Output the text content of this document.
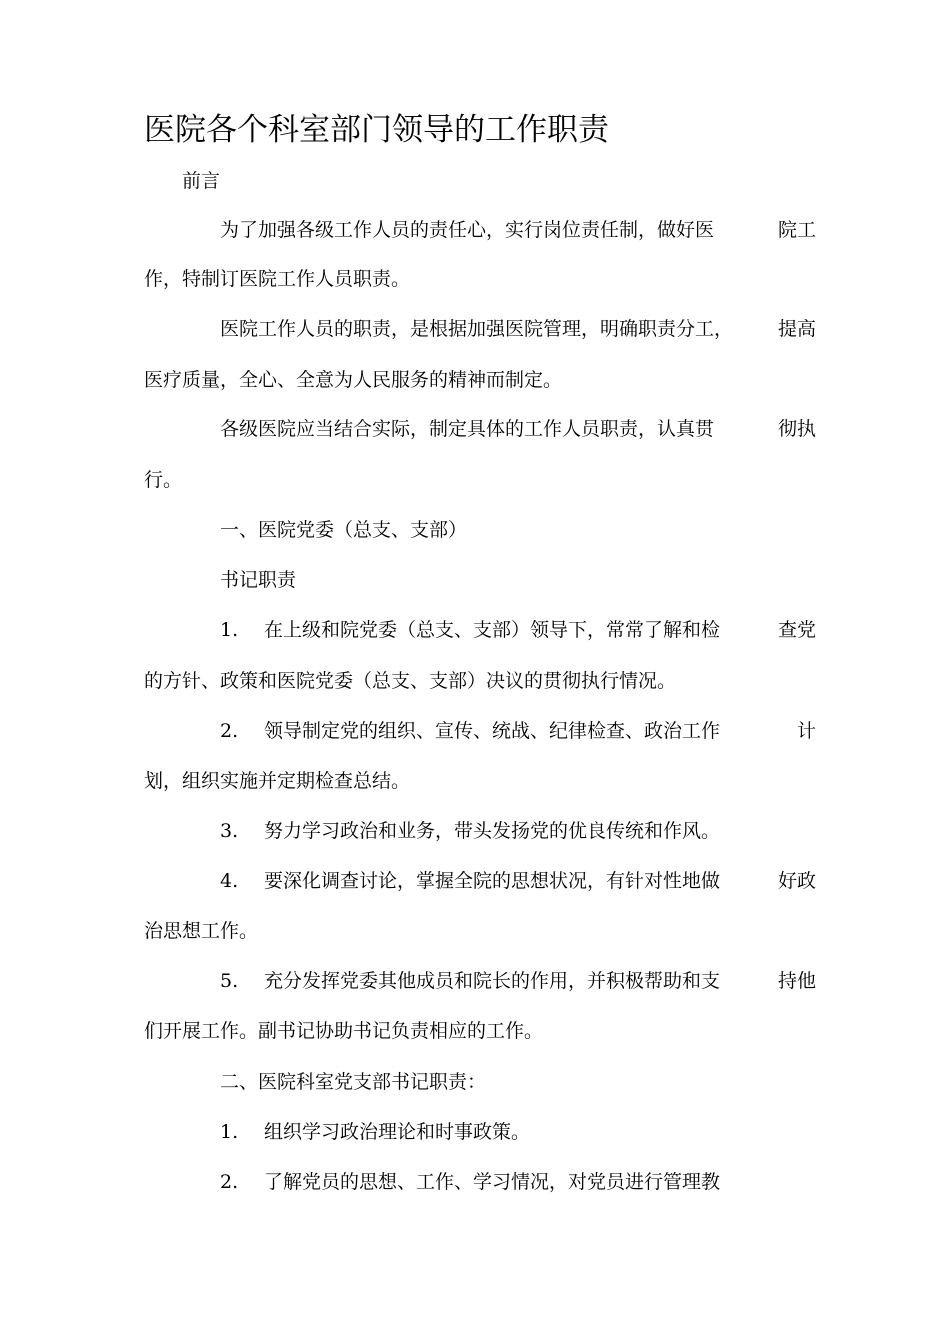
医院各个科室部门领导的工作职责
前言
为了加强各级工作人员的责任心，实行岗位责任制，做好医	院工
作，特制订医院工作人员职责。
医院工作人员的职责，是根据加强医院管理，明确职责分工， 提高
医疗质量，全心、全意为人民服务的精神而制定。
各级医院应当结合实际，制定具体的工作人员职责，认真贯	彻执
行。
一、医院党委（总支、支部）
书记职责
1. 在上级和院党委（总支、支部）领导下，常常了解和检	查党
的方针、政策和医院党委（总支、支部）决议的贯彻执行情况。
2. 领导制定党的组织、宣传、统战、纪律检查、政治工作	计
划，组织实施并定期检查总结。
3. 努力学习政治和业务，带头发扬党的优良传统和作风。
4. 要深化调查讨论，掌握全院的思想状况，有针对性地做	好政
治思想工作。
5. 充分发挥党委其他成员和院长的作用，并积极帮助和支	持他
们开展工作。副书记协助书记负责相应的工作。
二、医院科室党支部书记职责：
1. 组织学习政治理论和时事政策。
2. 了解党员的思想、工作、学习情况，对党员进行管理教
